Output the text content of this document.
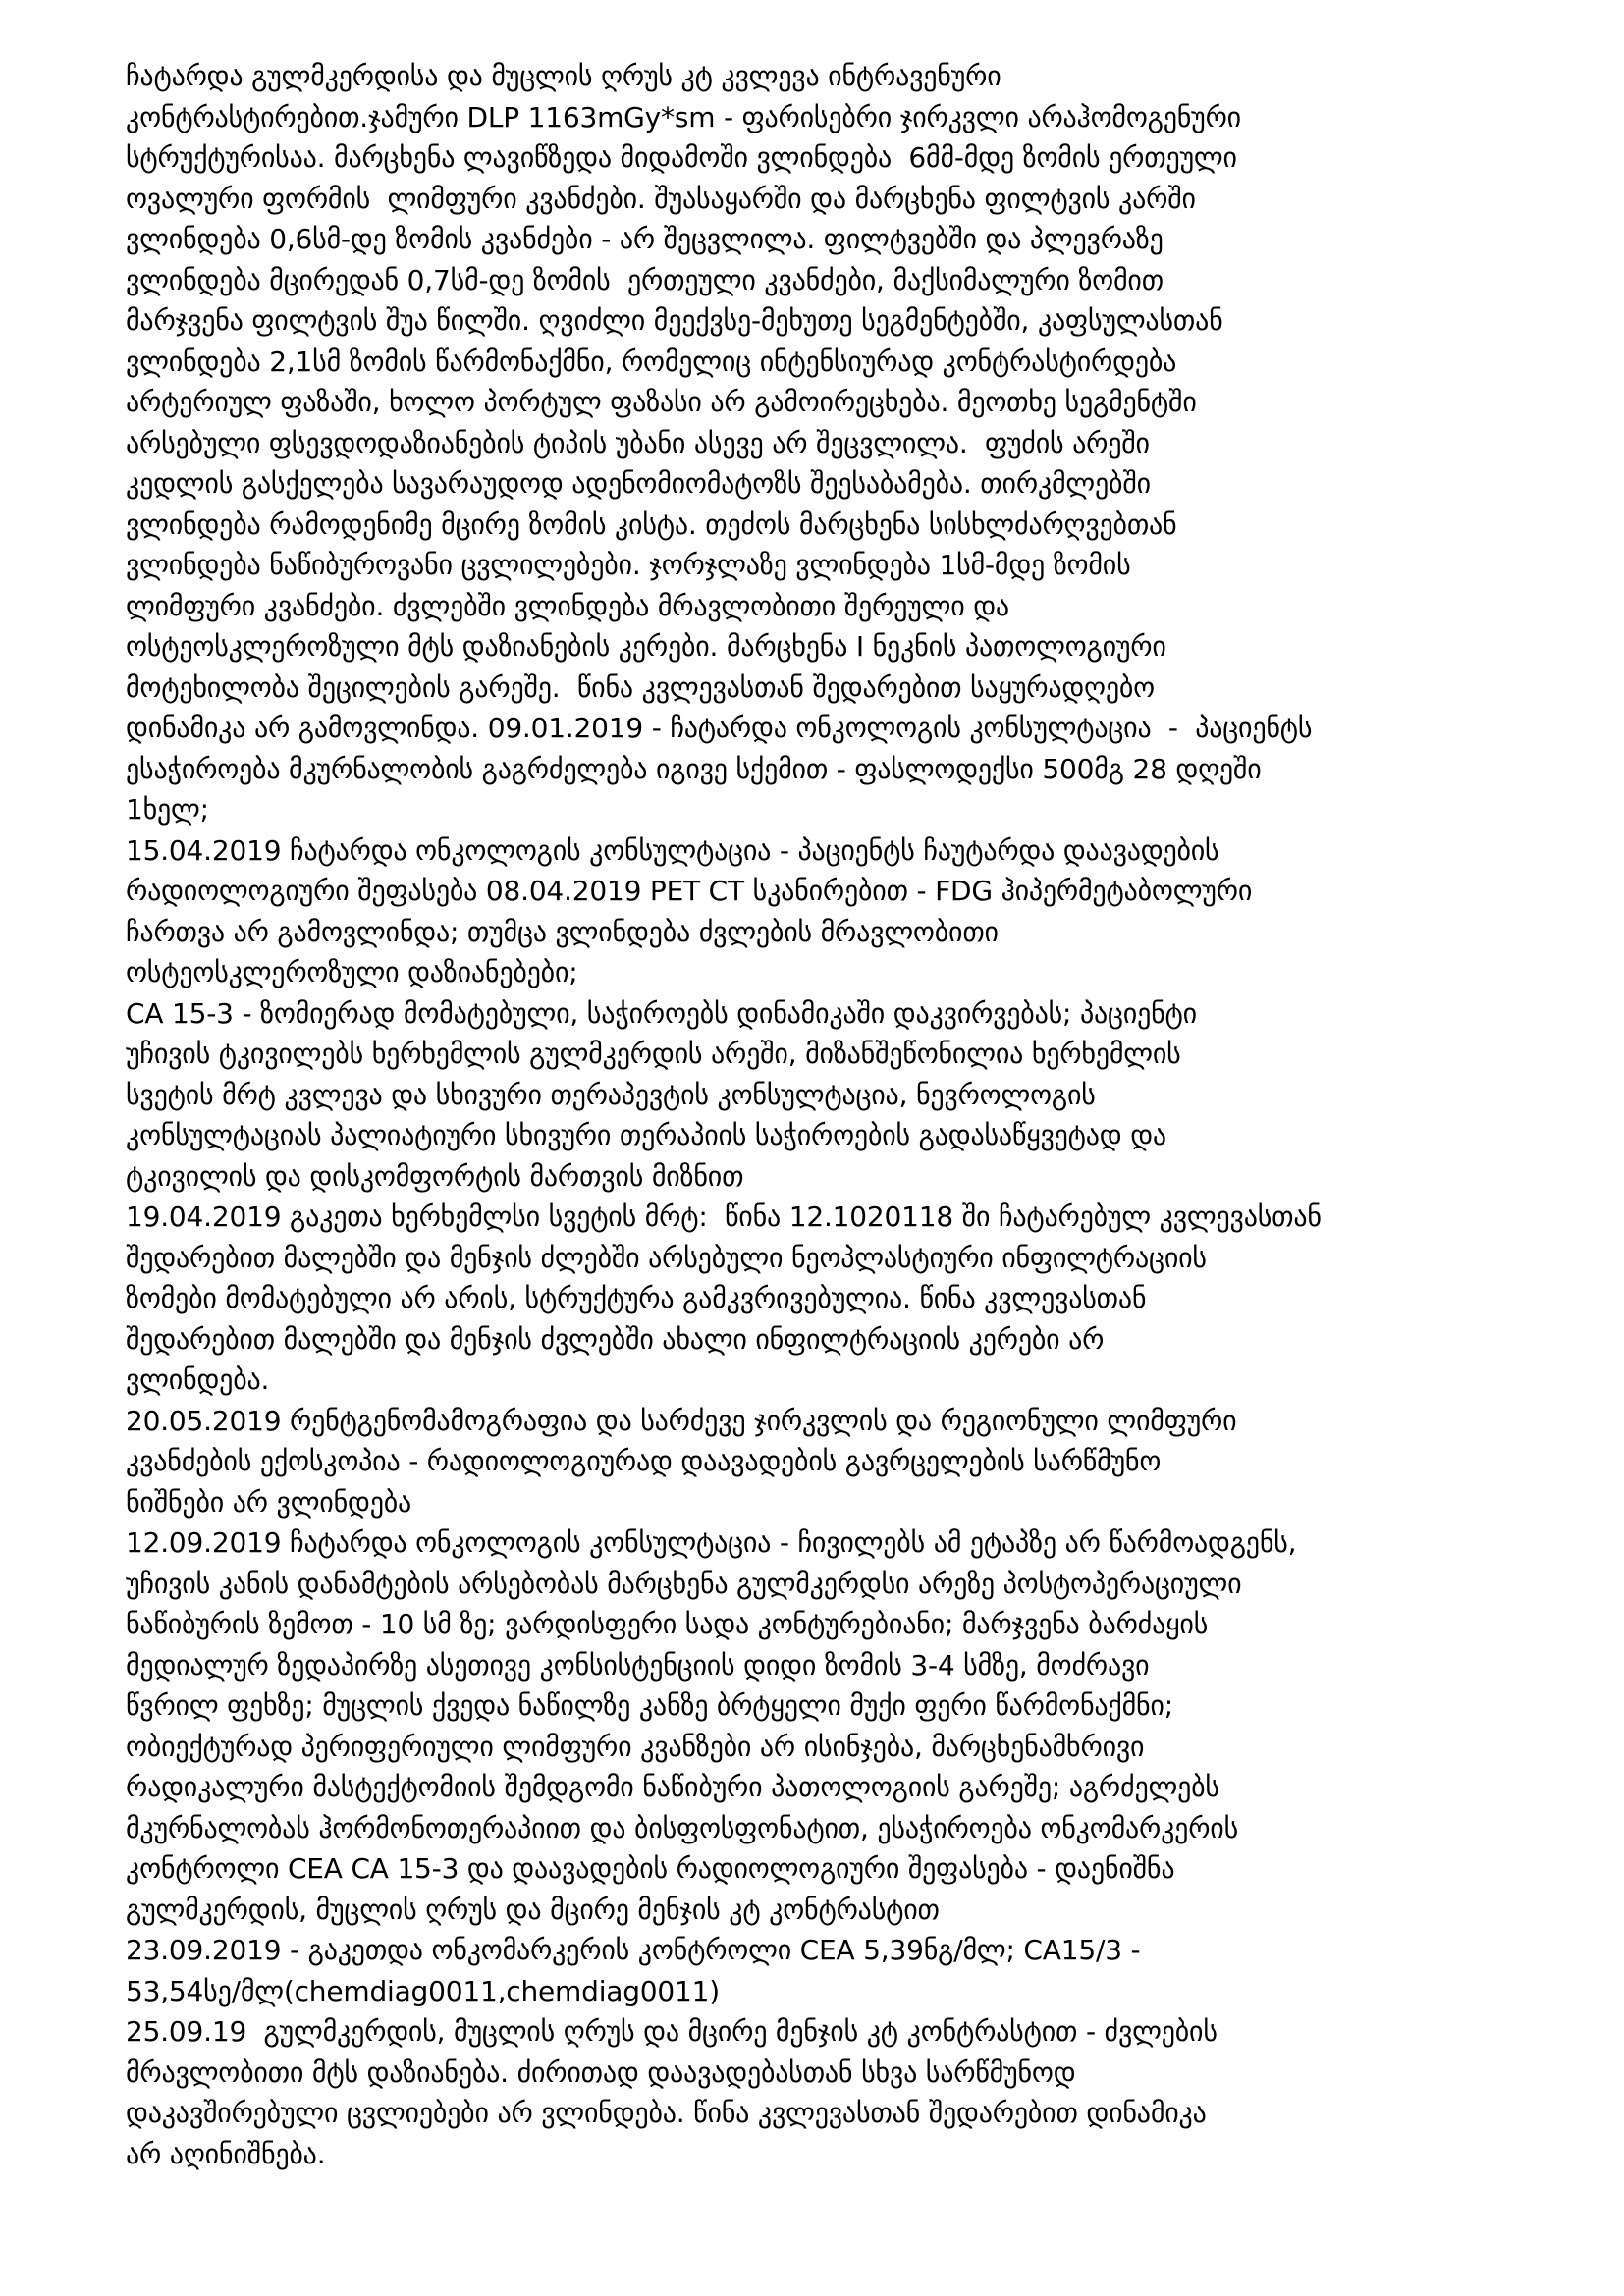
ჩატარდა გულმკერდისა და მუცლის ღრუს კტ კვლევა ინტრავენური
კონტრასტირებით.ჯამური DLP 1163mGy*sm - ფარისებრი ჯირკვლი არაჰომოგენური
სტრუქტურისაა. მარცხენა ლავიწზედა მიდამოში ვლინდება  6მმ-მდე ზომის ერთეული
ოვალური ფორმის  ლიმფური კვანძები. შუასაყარში და მარცხენა ფილტვის კარში
ვლინდება 0,6სმ-დე ზომის კვანძები - არ შეცვლილა. ფილტვებში და პლევრაზე
ვლინდება მცირედან 0,7სმ-დე ზომის  ერთეული კვანძები, მაქსიმალური ზომით
მარჯვენა ფილტვის შუა წილში. ღვიძლი მეექვსე-მეხუთე სეგმენტებში, კაფსულასთან
ვლინდება 2,1სმ ზომის წარმონაქმნი, რომელიც ინტენსიურად კონტრასტირდება
არტერიულ ფაზაში, ხოლო პორტულ ფაზასი არ გამოირეცხება. მეოთხე სეგმენტში
არსებული ფსევდოდაზიანების ტიპის უბანი ასევე არ შეცვლილა.  ფუძის არეში
კედლის გასქელება სავარაუდოდ ადენომიომატოზს შეესაბამება. თირკმლებში
ვლინდება რამოდენიმე მცირე ზომის კისტა. თეძოს მარცხენა სისხლძარღვებთან
ვლინდება ნაწიბუროვანი ცვლილებები. ჯორჯლაზე ვლინდება 1სმ-მდე ზომის
ლიმფური კვანძები. ძვლებში ვლინდება მრავლობითი შერეული და
ოსტეოსკლეროზული მტს დაზიანების კერები. მარცხენა I ნეკნის პათოლოგიური
მოტეხილობა შეცილების გარეშე.  წინა კვლევასთან შედარებით საყურადღებო
დინამიკა არ გამოვლინდა. 09.01.2019 - ჩატარდა ონკოლოგის კონსულტაცია  -  პაციენტს
ესაჭიროება მკურნალობის გაგრძელება იგივე სქემით - ფასლოდექსი 500მგ 28 დღეში
1ხელ;
15.04.2019 ჩატარდა ონკოლოგის კონსულტაცია - პაციენტს ჩაუტარდა დაავადების
რადიოლოგიური შეფასება 08.04.2019 PET CT სკანირებით - FDG ჰიპერმეტაბოლური
ჩართვა არ გამოვლინდა; თუმცა ვლინდება ძვლების მრავლობითი
ოსტეოსკლეროზული დაზიანებები;
CA 15-3 - ზომიერად მომატებული, საჭიროებს დინამიკაში დაკვირვებას; პაციენტი
უჩივის ტკივილებს ხერხემლის გულმკერდის არეში, მიზანშეწონილია ხერხემლის
სვეტის მრტ კვლევა და სხივური თერაპევტის კონსულტაცია, ნევროლოგის
კონსულტაციას პალიატიური სხივური თერაპიის საჭიროების გადასაწყვეტად და
ტკივილის და დისკომფორტის მართვის მიზნით
19.04.2019 გაკეთა ხერხემლსი სვეტის მრტ:  წინა 12.1020118 ში ჩატარებულ კვლევასთან
შედარებით მალებში და მენჯის ძლებში არსებული ნეოპლასტიური ინფილტრაციის
ზომები მომატებული არ არის, სტრუქტურა გამკვრივებულია. წინა კვლევასთან
შედარებით მალებში და მენჯის ძვლებში ახალი ინფილტრაციის კერები არ
ვლინდება.
20.05.2019 რენტგენომამოგრაფია და სარძევე ჯირკვლის და რეგიონული ლიმფური
კვანძების ექოსკოპია - რადიოლოგიურად დაავადების გავრცელების სარწმუნო
ნიშნები არ ვლინდება
12.09.2019 ჩატარდა ონკოლოგის კონსულტაცია - ჩივილებს ამ ეტაპზე არ წარმოადგენს,
უჩივის კანის დანამტების არსებობას მარცხენა გულმკერდსი არეზე პოსტოპერაციული
ნაწიბურის ზემოთ - 10 სმ ზე; ვარდისფერი სადა კონტურებიანი; მარჯვენა ბარძაყის
მედიალურ ზედაპირზე ასეთივე კონსისტენციის დიდი ზომის 3-4 სმზე, მოძრავი
წვრილ ფეხზე; მუცლის ქვედა ნაწილზე კანზე ბრტყელი მუქი ფერი წარმონაქმნი;
ობიექტურად პერიფერიული ლიმფური კვანზები არ ისინჯება, მარცხენამხრივი
რადიკალური მასტექტომიის შემდგომი ნაწიბური პათოლოგიის გარეშე; აგრძელებს
მკურნალობას ჰორმონოთერაპიით და ბისფოსფონატით, ესაჭიროება ონკომარკერის
კონტროლი CEA CA 15-3 და დაავადების რადიოლოგიური შეფასება - დაენიშნა
გულმკერდის, მუცლის ღრუს და მცირე მენჯის კტ კონტრასტით
23.09.2019 - გაკეთდა ონკომარკერის კონტროლი CEA 5,39ნგ/მლ; CA15/3 -
53,54სე/მლ(chemdiag0011,chemdiag0011)
25.09.19  გულმკერდის, მუცლის ღრუს და მცირე მენჯის კტ კონტრასტით - ძვლების
მრავლობითი მტს დაზიანება. ძირითად დაავადებასთან სხვა სარწმუნოდ
დაკავშირებული ცვლიებები არ ვლინდება. წინა კვლევასთან შედარებით დინამიკა
არ აღინიშნება.
